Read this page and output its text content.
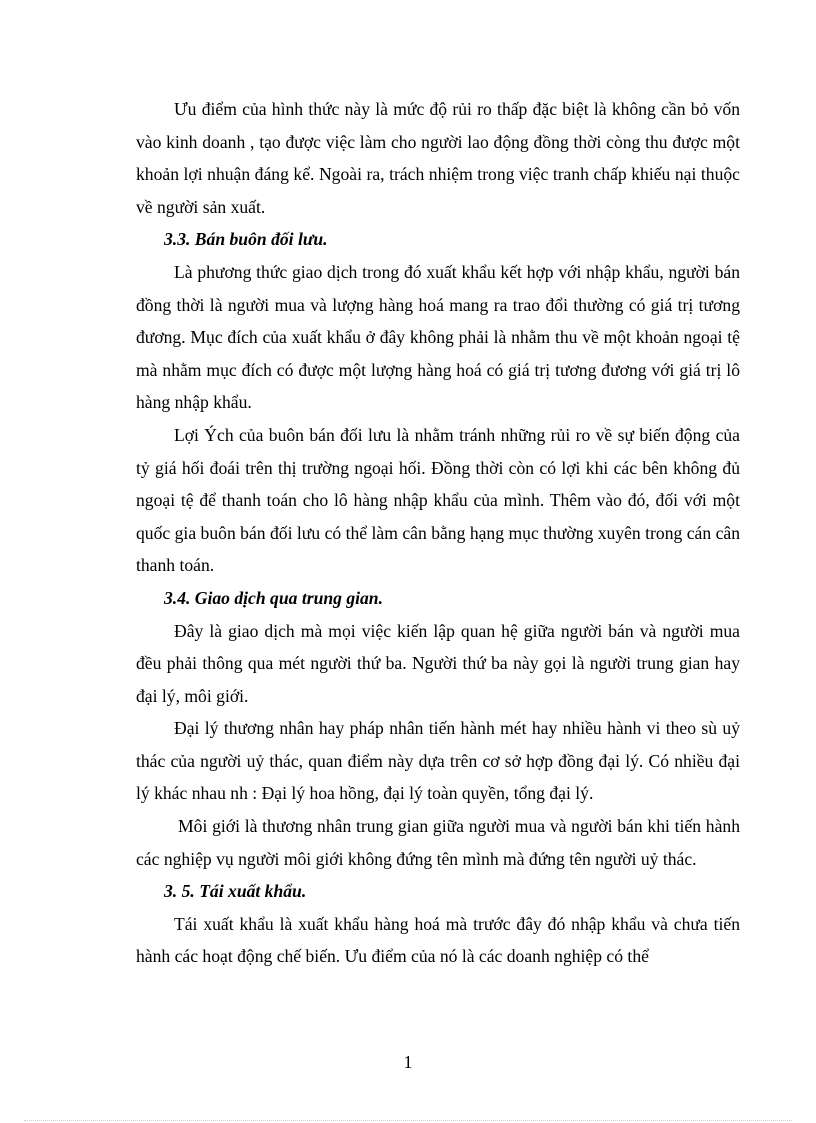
Ưu điểm của hình thức này là mức độ rủi ro thấp đặc biệt là không cần bỏ vốn vào kinh doanh , tạo được việc làm cho người lao động đồng thời còng thu được một khoản lợi nhuận đáng kể. Ngoài ra, trách nhiệm trong việc tranh chấp khiếu nại thuộc về người sản xuất.

3.3. Bán buôn đối lưu.

Là phương thức giao dịch trong đó xuất khẩu kết hợp với nhập khẩu, người bán đồng thời là người mua và lượng hàng hoá mang ra trao đổi thường có giá trị tương đương. Mục đích của xuất khẩu ở đây không phải là nhằm thu về một khoản ngoại tệ mà nhằm mục đích có được một lượng hàng hoá có giá trị tương đương với giá trị lô hàng nhập khẩu.

Lợi Ých của buôn bán đối lưu là nhằm tránh những rủi ro về sự biến động của tỷ giá hối đoái trên thị trường ngoại hối. Đồng thời còn có lợi khi các bên không đủ ngoại tệ để thanh toán cho lô hàng nhập khẩu của mình. Thêm vào đó, đối với một quốc gia buôn bán đối lưu có thể làm cân bằng hạng mục thường xuyên trong cán cân thanh toán.

3.4. Giao dịch qua trung gian.

Đây là giao dịch mà mọi việc kiến lập quan hệ giữa người bán và người mua đều phải thông qua mét người thứ ba. Người thứ ba này gọi là người trung gian hay đại lý, môi giới.

Đại lý thương nhân hay pháp nhân tiến hành mét hay nhiều hành vi theo sù uỷ thác của người uỷ thác, quan điểm này dựa trên cơ sở hợp đồng đại lý. Có nhiều đại lý khác nhau nh : Đại lý hoa hồng, đại lý toàn quyền, tổng đại lý.

Môi giới là thương nhân trung gian giữa người mua và người bán khi tiến hành các nghiệp vụ người môi giới không đứng tên mình mà đứng tên người uỷ thác.

3. 5. Tái xuất khẩu.

Tái xuất khẩu là xuất khẩu hàng hoá mà trước đây đó nhập khẩu và chưa tiến hành các hoạt động chế biến. Ưu điểm của nó là các doanh nghiệp có thể

1
